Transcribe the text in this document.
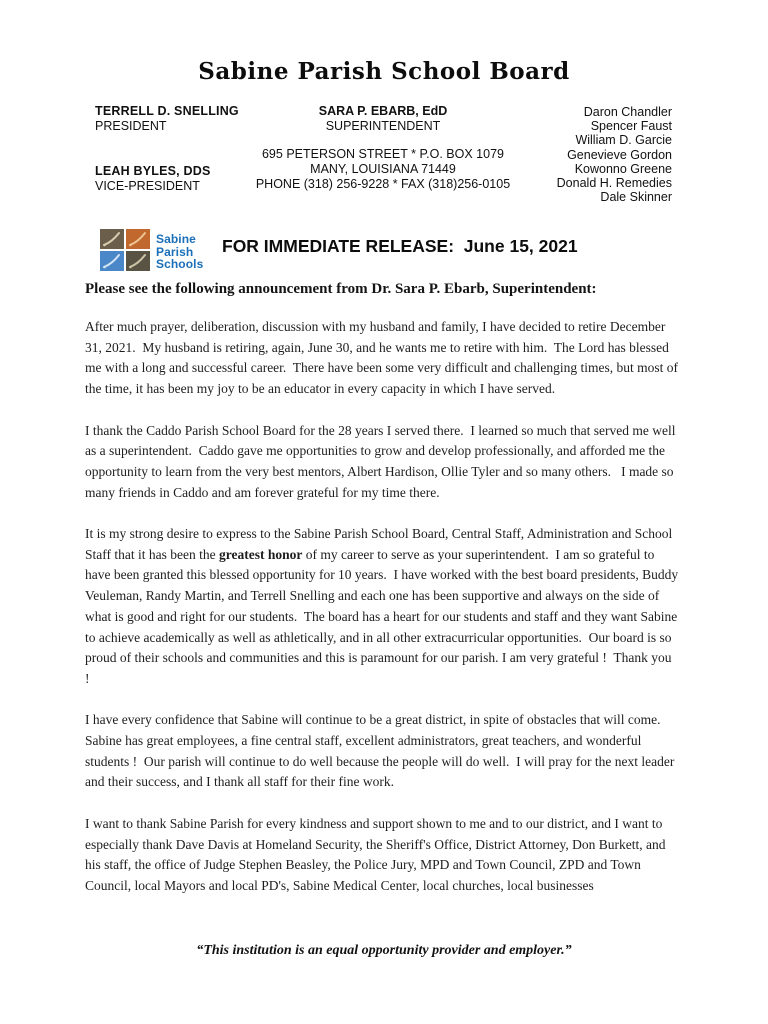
Sabine Parish School Board
TERRELL D. SNELLING
PRESIDENT
LEAH BYLES, DDS
VICE-PRESIDENT
SARA P. EBARB, EdD
SUPERINTENDENT
695 PETERSON STREET * P.O. BOX 1079
MANY, LOUISIANA 71449
PHONE (318) 256-9228 * FAX (318)256-0105
Daron Chandler
Spencer Faust
William D. Garcie
Genevieve Gordon
Kowonno Greene
Donald H. Remedies
Dale Skinner
Sabine
Parish
Schools
FOR IMMEDIATE RELEASE:  June 15, 2021
Please see the following announcement from Dr. Sara P. Ebarb, Superintendent:

After much prayer, deliberation, discussion with my husband and family, I have decided to retire December 31, 2021.  My husband is retiring, again, June 30, and he wants me to retire with him.  The Lord has blessed me with a long and successful career.  There have been some very difficult and challenging times, but most of the time, it has been my joy to be an educator in every capacity in which I have served.

I thank the Caddo Parish School Board for the 28 years I served there.  I learned so much that served me well as a superintendent.  Caddo gave me opportunities to grow and develop professionally, and afforded me the opportunity to learn from the very best mentors, Albert Hardison, Ollie Tyler and so many others.   I made so many friends in Caddo and am forever grateful for my time there.

It is my strong desire to express to the Sabine Parish School Board, Central Staff, Administration and School Staff that it has been the greatest honor of my career to serve as your superintendent.  I am so grateful to have been granted this blessed opportunity for 10 years.  I have worked with the best board presidents, Buddy Veuleman, Randy Martin, and Terrell Snelling and each one has been supportive and always on the side of what is good and right for our students.  The board has a heart for our students and staff and they want Sabine to achieve academically as well as athletically, and in all other extracurricular opportunities.  Our board is so proud of their schools and communities and this is paramount for our parish. I am very grateful !  Thank you !

I have every confidence that Sabine will continue to be a great district, in spite of obstacles that will come.  Sabine has great employees, a fine central staff, excellent administrators, great teachers, and wonderful students !  Our parish will continue to do well because the people will do well.  I will pray for the next leader and their success, and I thank all staff for their fine work.

I want to thank Sabine Parish for every kindness and support shown to me and to our district, and I want to especially thank Dave Davis at Homeland Security, the Sheriff's Office, District Attorney, Don Burkett, and his staff, the office of Judge Stephen Beasley, the Police Jury, MPD and Town Council, ZPD and Town Council, local Mayors and local PD's, Sabine Medical Center, local churches, local businesses

“This institution is an equal opportunity provider and employer.”
